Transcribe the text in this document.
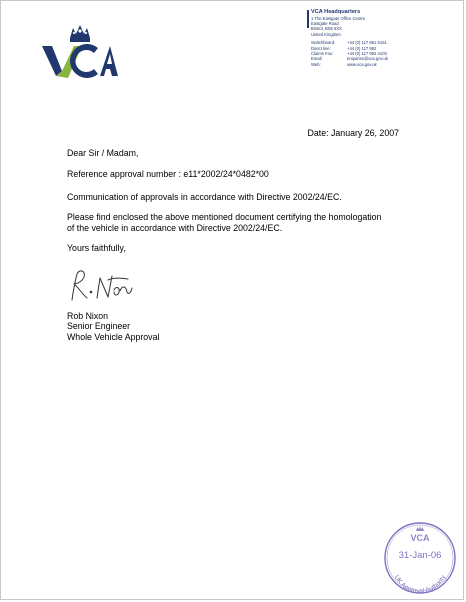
VCA
VCA Headquarters
1 The Eastgate Office Centre
Eastgate Road
Bristol, BS5 6XX
United Kingdom
Switchboard:	+44 (0) 117 951 5151
Direct line:	+44 (0) 117 952
Claims Fax:	+44 (0) 117 952 4103
Email:	enquiries@vca.gov.uk
Web:	www.vca.gov.uk
Date: January 26, 2007
Dear Sir / Madam,
Reference approval number : e11*2002/24*0482*00
Communication of approvals in accordance with Directive 2002/24/EC.
Please find enclosed the above mentioned document certifying the homologation
of the vehicle in accordance with Directive 2002/24/EC.
Yours faithfully,
Rob Nixon
Senior Engineer
Whole Vehicle Approval
VCA
UK Approval Authority
31-Jan-06
